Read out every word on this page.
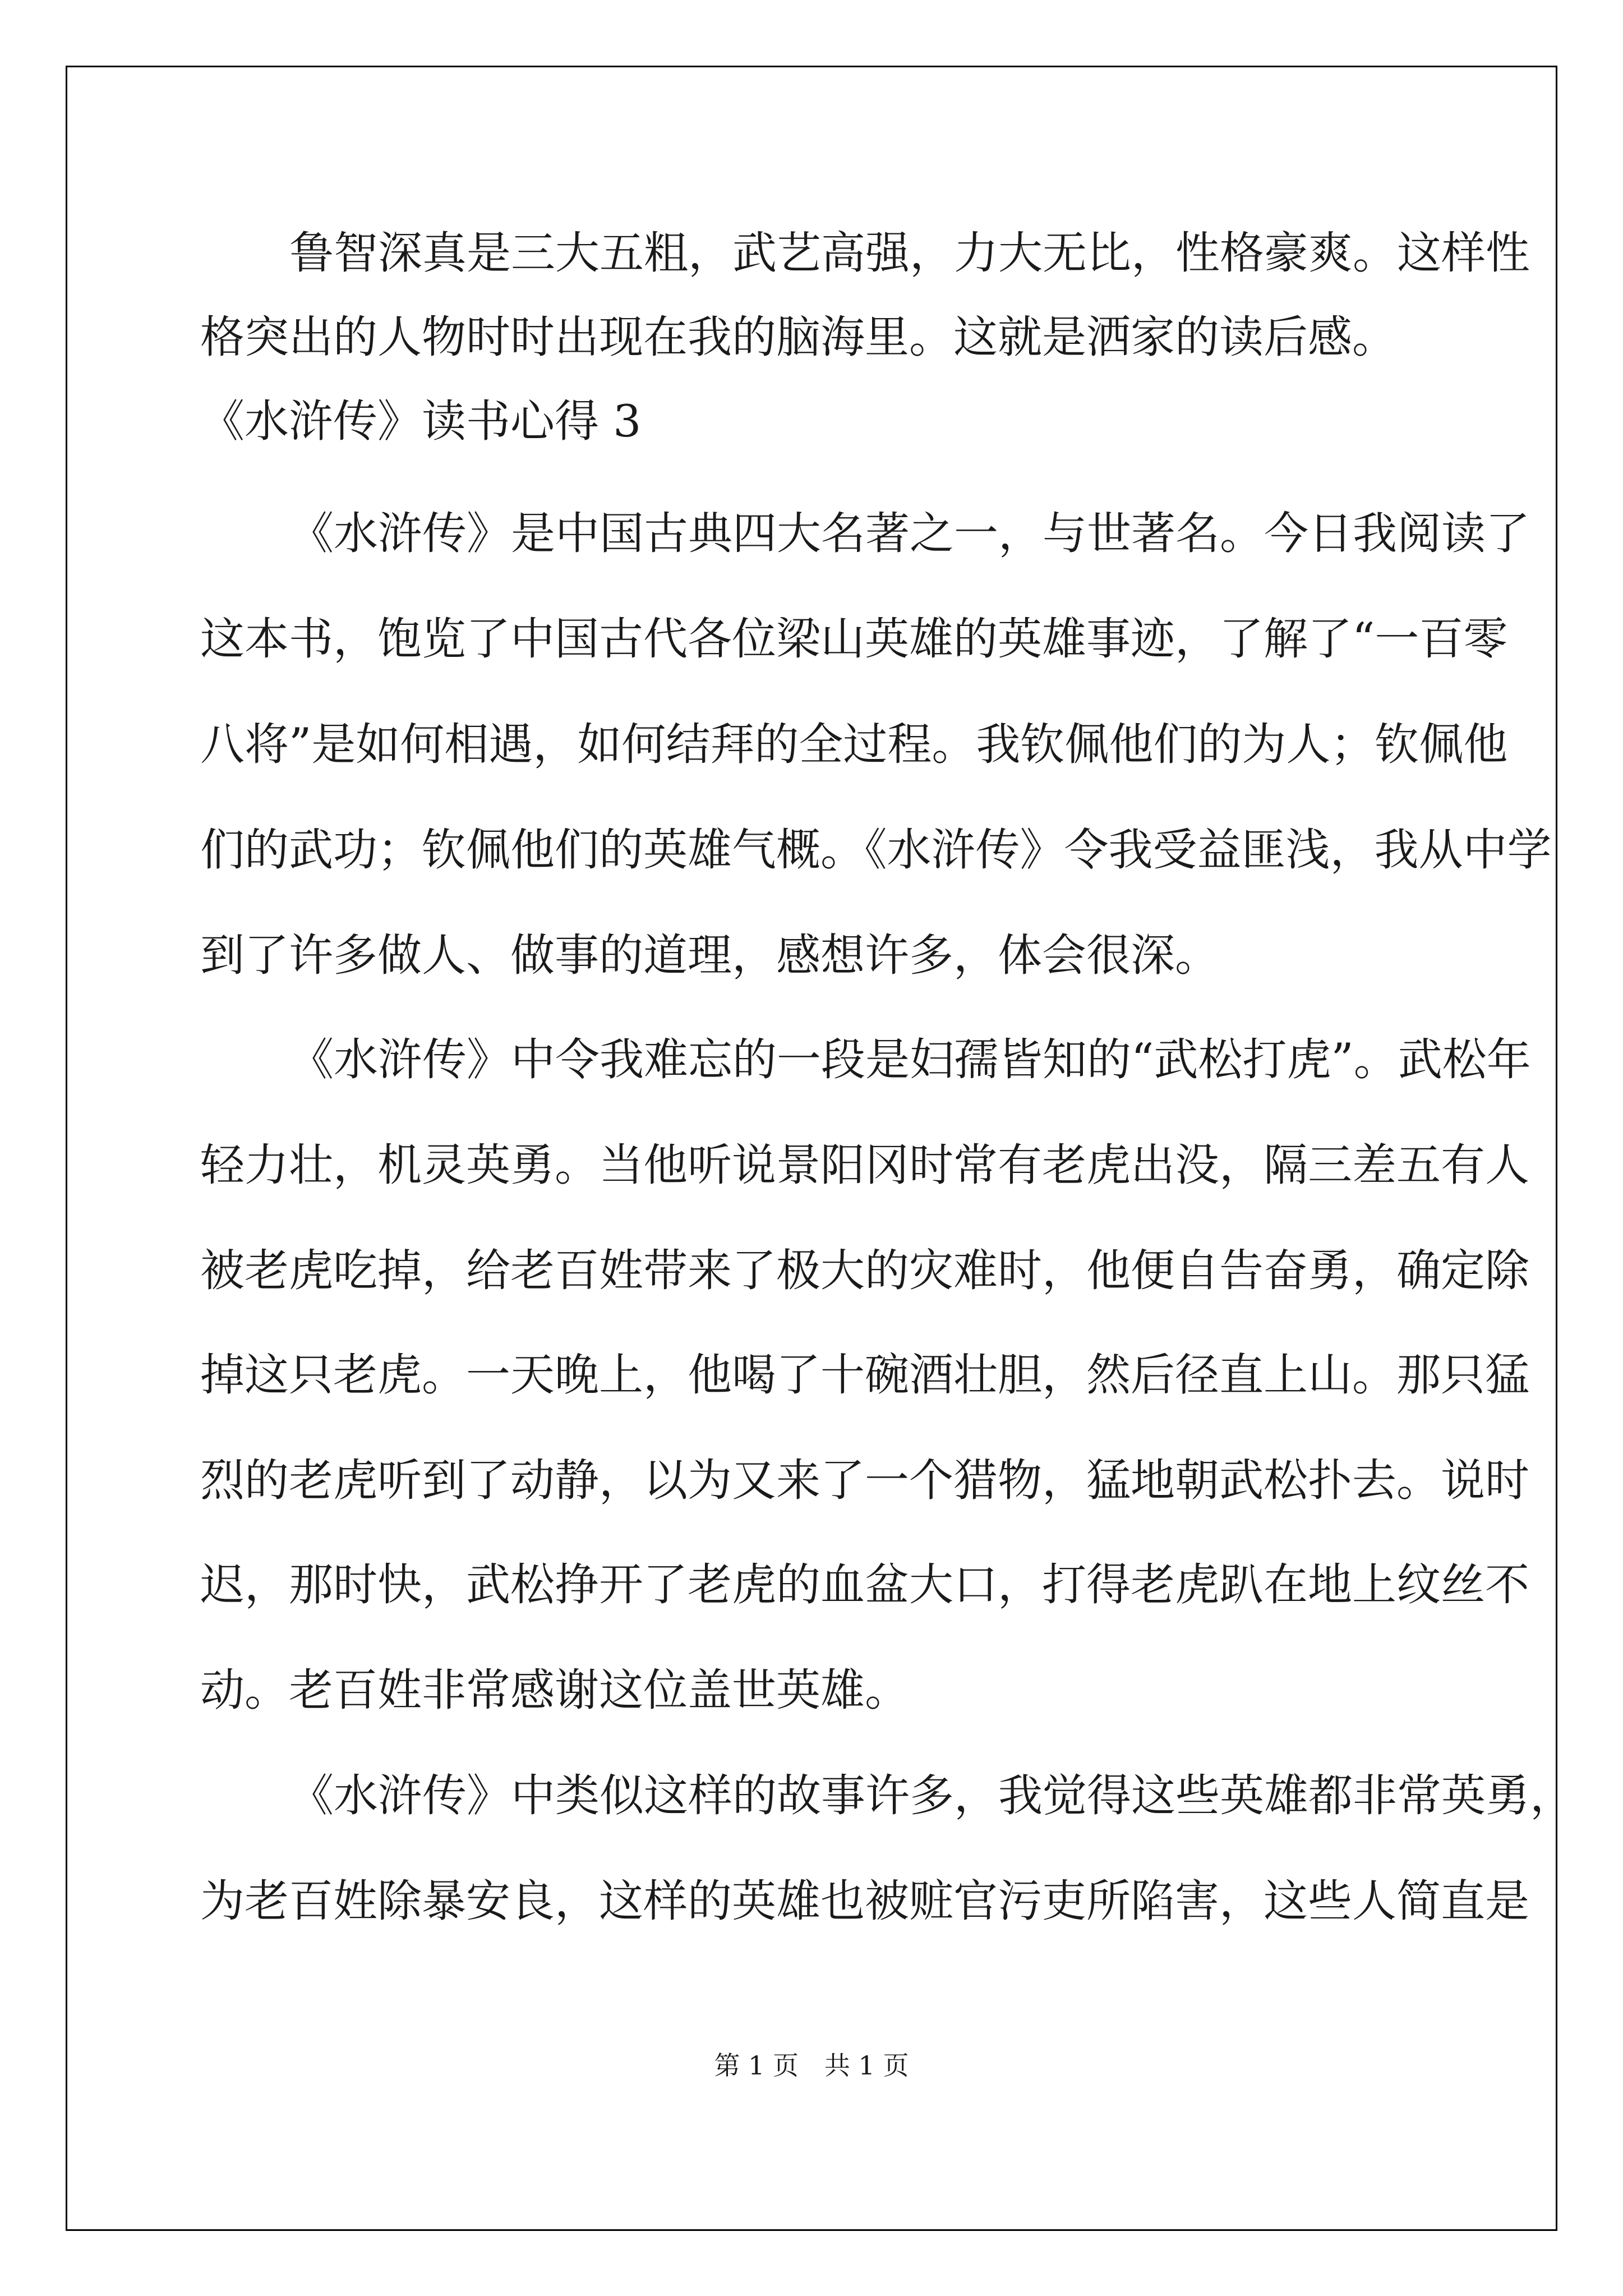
鲁智深真是三大五粗，武艺高强，力大无比，性格豪爽。这样性
格突出的人物时时出现在我的脑海里。这就是洒家的读后感。
《水浒传》读书心得 3
《水浒传》是中国古典四大名著之一，与世著名。今日我阅读了
这本书，饱览了中国古代各位梁山英雄的英雄事迹，了解了“一百零
八将”是如何相遇，如何结拜的全过程。我钦佩他们的为人；钦佩他
们的武功；钦佩他们的英雄气概。《水浒传》令我受益匪浅，我从中学
到了许多做人、做事的道理，感想许多，体会很深。
《水浒传》中令我难忘的一段是妇孺皆知的“武松打虎”。武松年
轻力壮，机灵英勇。当他听说景阳冈时常有老虎出没，隔三差五有人
被老虎吃掉，给老百姓带来了极大的灾难时，他便自告奋勇，确定除
掉这只老虎。一天晚上，他喝了十碗酒壮胆，然后径直上山。那只猛
烈的老虎听到了动静，以为又来了一个猎物，猛地朝武松扑去。说时
迟，那时快，武松挣开了老虎的血盆大口，打得老虎趴在地上纹丝不
动。老百姓非常感谢这位盖世英雄。
《水浒传》中类似这样的故事许多，我觉得这些英雄都非常英勇，
为老百姓除暴安良，这样的英雄也被赃官污吏所陷害，这些人简直是
第 1 页　共 1 页
